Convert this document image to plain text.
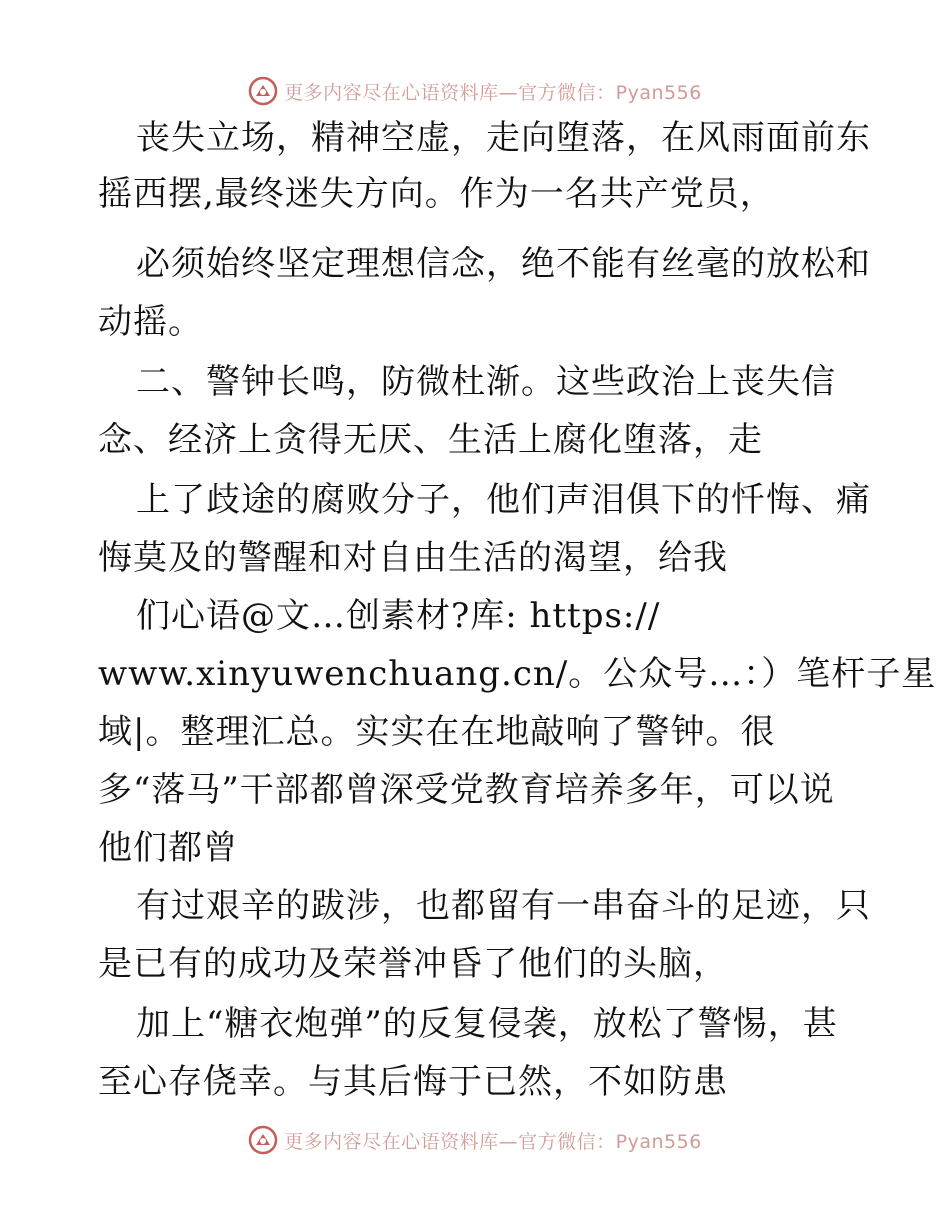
更多内容尽在心语资料库—官方微信：Pyan556
丧失立场，精神空虚，走向堕落，在风雨面前东
摇西摆,最终迷失方向。作为一名共产党员，
必须始终坚定理想信念，绝不能有丝毫的放松和
动摇。
二、警钟长鸣，防微杜渐。这些政治上丧失信
念、经济上贪得无厌、生活上腐化堕落，走
上了歧途的腐败分子，他们声泪俱下的忏悔、痛
悔莫及的警醒和对自由生活的渴望，给我
们心语@文…创素材?库: https://
www.xinyuwenchuang.cn/。公众号…：）笔杆子星
域|。整理汇总。实实在在地敲响了警钟。很
多“落马”干部都曾深受党教育培养多年，可以说
他们都曾
有过艰辛的跋涉，也都留有一串奋斗的足迹，只
是已有的成功及荣誉冲昏了他们的头脑，
加上“糖衣炮弹”的反复侵袭，放松了警惕，甚
至心存侥幸。与其后悔于已然，不如防患
更多内容尽在心语资料库—官方微信：Pyan556
